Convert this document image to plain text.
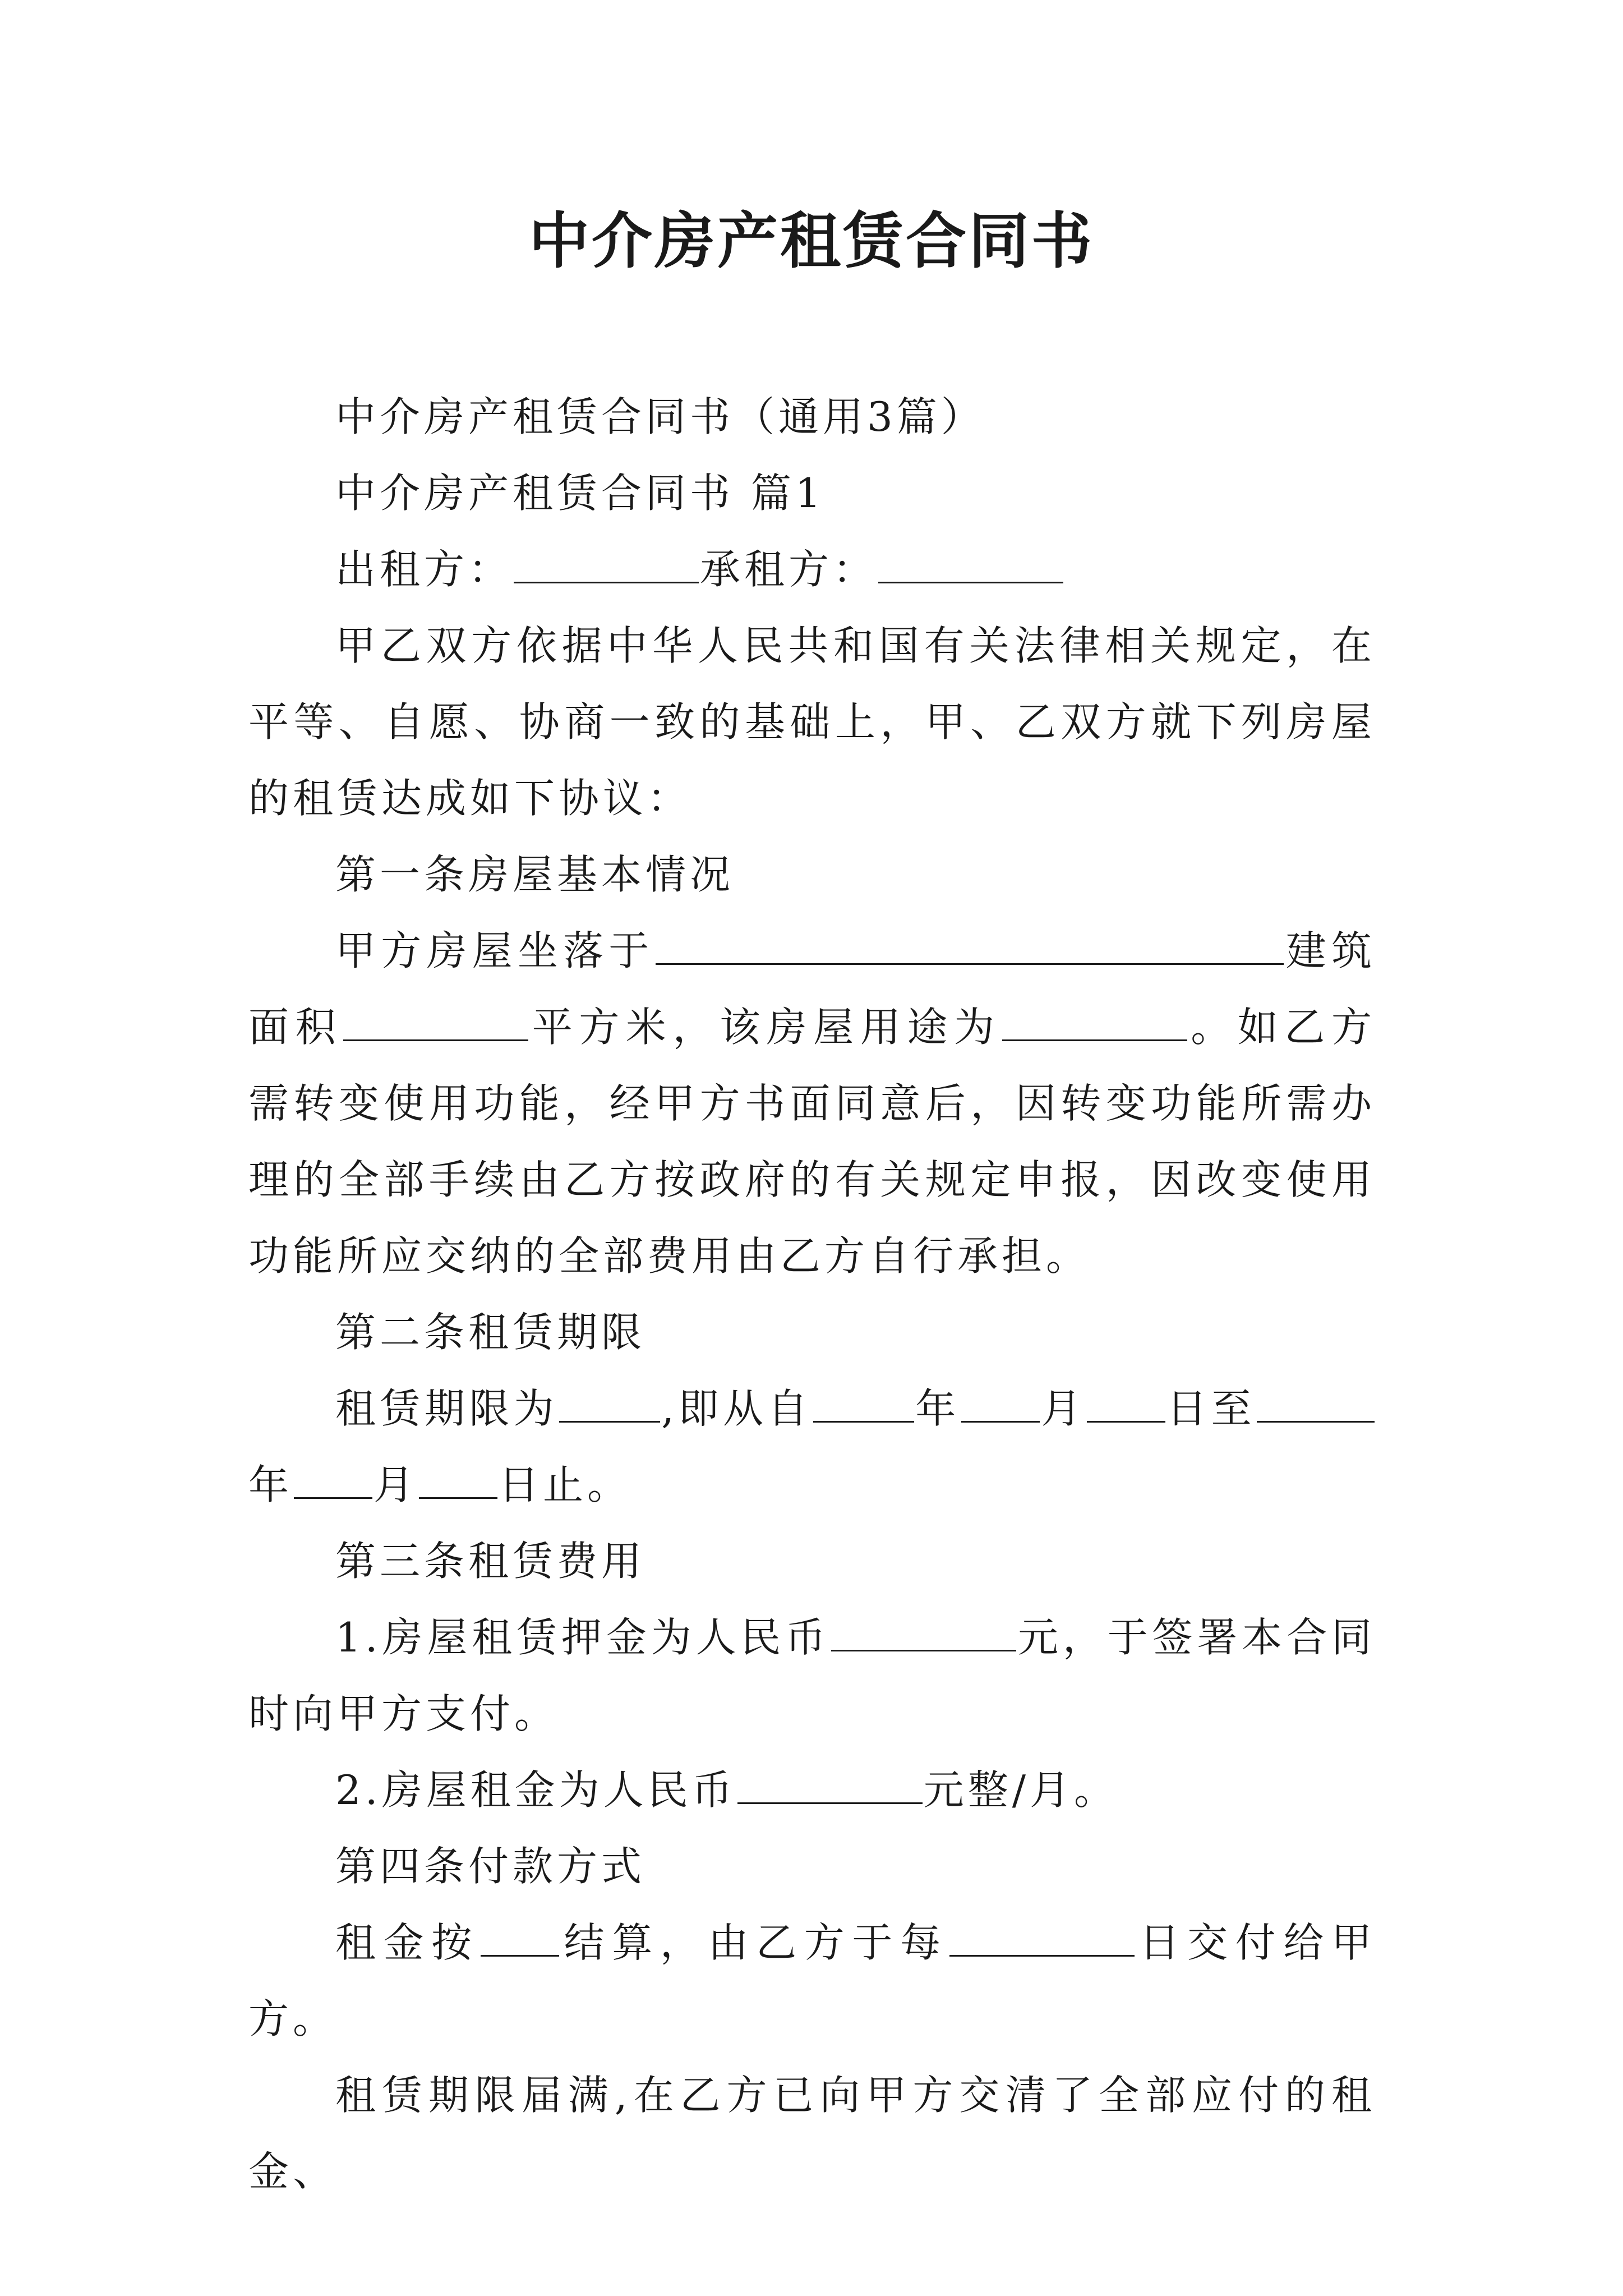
中介房产租赁合同书

中介房产租赁合同书（通用3篇）

中介房产租赁合同书 篇1

出租方：	承租方：

甲乙双方依据中华人民共和国有关法律相关规定，在平等、自愿、协商一致的基础上，甲、乙双方就下列房屋的租赁达成如下协议：

第一条房屋基本情况

甲方房屋坐落于	建筑面积	平方米，该房屋用途为	。如乙方需转变使用功能，经甲方书面同意后，因转变功能所需办理的全部手续由乙方按政府的有关规定申报，因改变使用功能所应交纳的全部费用由乙方自行承担。

第二条租赁期限

租赁期限为	,即从自	年 月 日至年 月 日止。

第三条租赁费用

1.房屋租赁押金为人民币	元，于签署本合同时向甲方支付。

2.房屋租金为人民币	元整/月。

第四条付款方式

租金按 结算，由乙方于每	日交付给甲方。

租赁期限届满,在乙方已向甲方交清了全部应付的租金、
